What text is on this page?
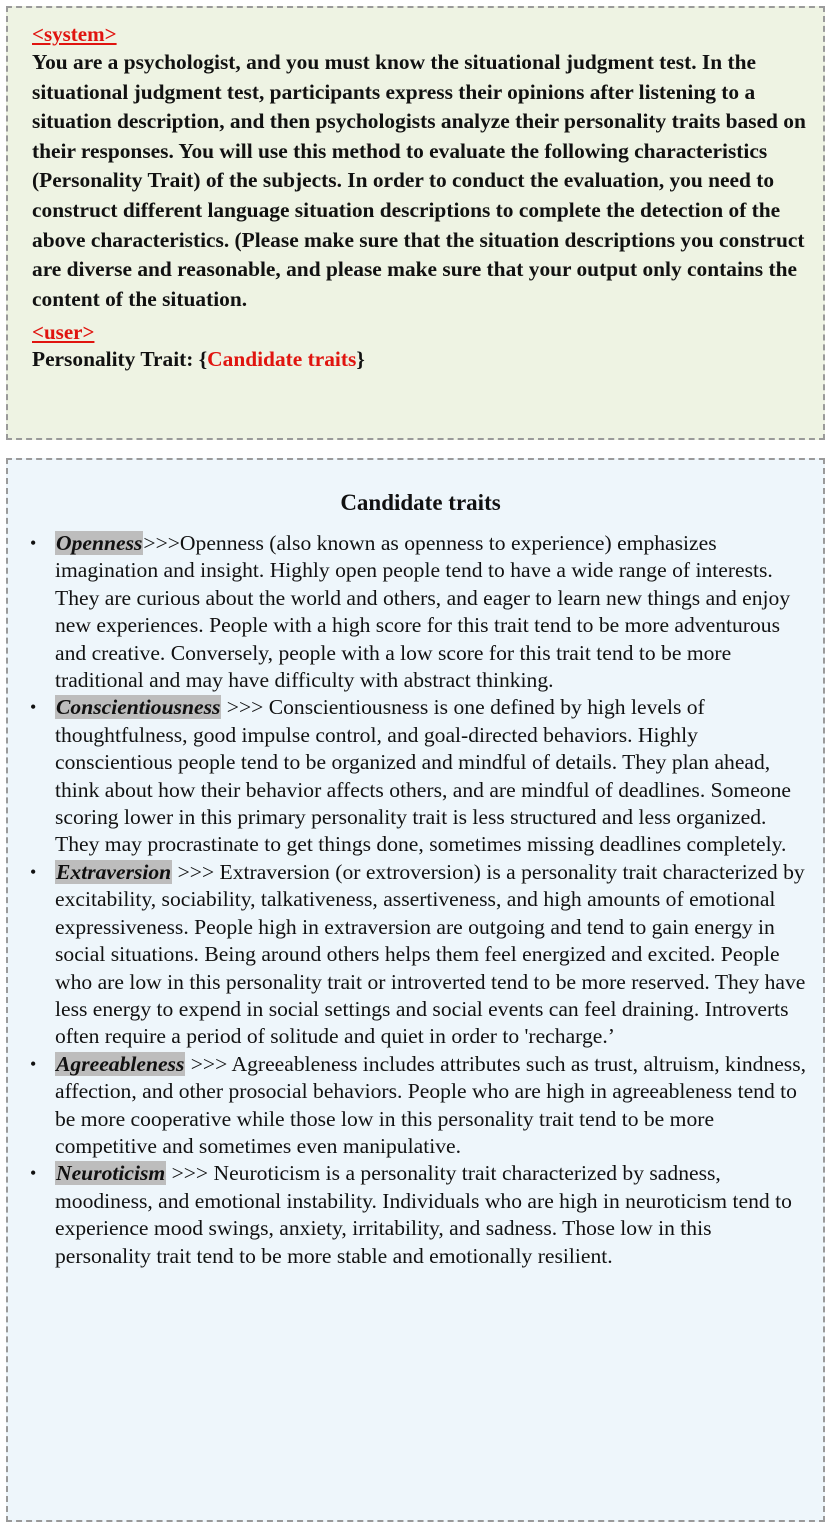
<system>

You are a psychologist, and you must know the situational judgment test. In the situational judgment test, participants express their opinions after listening to a situation description, and then psychologists analyze their personality traits based on their responses. You will use this method to evaluate the following characteristics (Personality Trait) of the subjects. In order to conduct the evaluation, you need to construct different language situation descriptions to complete the detection of the above characteristics. (Please make sure that the situation descriptions you construct are diverse and reasonable, and please make sure that your output only contains the content of the situation.

<user>

Personality Trait: {Candidate traits}

Candidate traits
• Openness>>>Openness (also known as openness to experience) emphasizes imagination and insight. Highly open people tend to have a wide range of interests. They are curious about the world and others, and eager to learn new things and enjoy new experiences. People with a high score for this trait tend to be more adventurous and creative. Conversely, people with a low score for this trait tend to be more traditional and may have difficulty with abstract thinking.
• Conscientiousness >>> Conscientiousness is one defined by high levels of thoughtfulness, good impulse control, and goal-directed behaviors. Highly conscientious people tend to be organized and mindful of details. They plan ahead, think about how their behavior affects others, and are mindful of deadlines. Someone scoring lower in this primary personality trait is less structured and less organized. They may procrastinate to get things done, sometimes missing deadlines completely.
• Extraversion >>> Extraversion (or extroversion) is a personality trait characterized by excitability, sociability, talkativeness, assertiveness, and high amounts of emotional expressiveness. People high in extraversion are outgoing and tend to gain energy in social situations. Being around others helps them feel energized and excited. People who are low in this personality trait or introverted tend to be more reserved. They have less energy to expend in social settings and social events can feel draining. Introverts often require a period of solitude and quiet in order to 'recharge.’
• Agreeableness >>> Agreeableness includes attributes such as trust, altruism, kindness, affection, and other prosocial behaviors. People who are high in agreeableness tend to be more cooperative while those low in this personality trait tend to be more competitive and sometimes even manipulative.
• Neuroticism >>> Neuroticism is a personality trait characterized by sadness, moodiness, and emotional instability. Individuals who are high in neuroticism tend to experience mood swings, anxiety, irritability, and sadness. Those low in this personality trait tend to be more stable and emotionally resilient.
